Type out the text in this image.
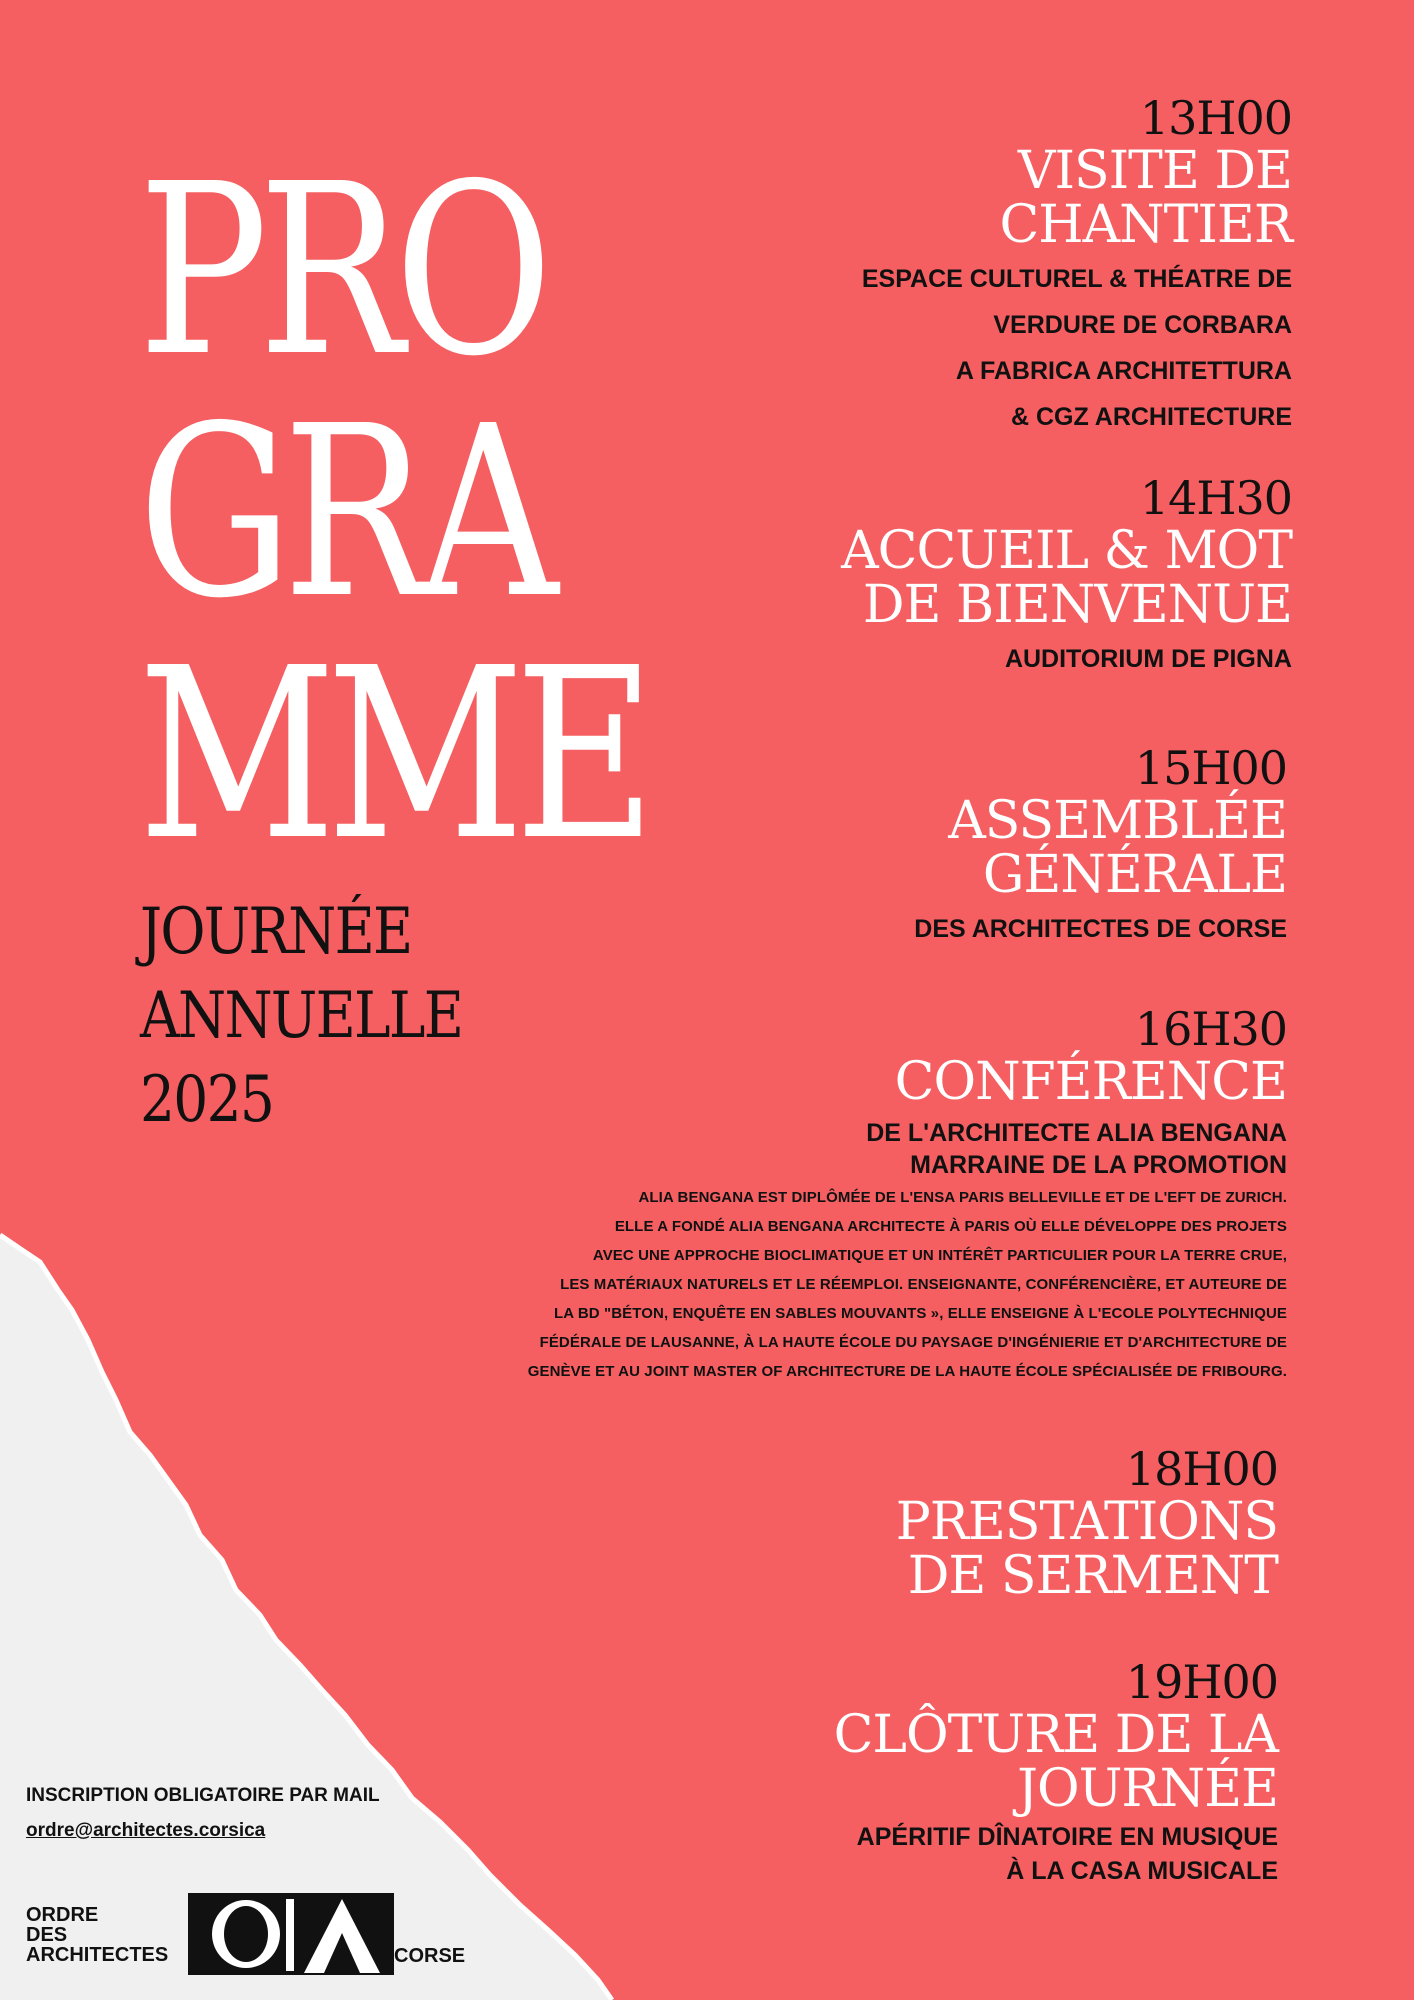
PRO
GRA
MME
JOURNÉE
ANNUELLE
2025
13H00
VISITE DE
CHANTIER
ESPACE CULTUREL & THÉATRE DE
VERDURE DE CORBARA
A FABRICA ARCHITETTURA
& CGZ ARCHITECTURE
14H30
ACCUEIL & MOT
DE BIENVENUE
AUDITORIUM DE PIGNA
15H00
ASSEMBLÉE
GÉNÉRALE
DES ARCHITECTES DE CORSE
16H30
CONFÉRENCE
DE L'ARCHITECTE ALIA BENGANA
MARRAINE DE LA PROMOTION
ALIA BENGANA EST DIPLÔMÉE DE L'ENSA PARIS BELLEVILLE ET DE L'EFT DE ZURICH.
ELLE A FONDÉ ALIA BENGANA ARCHITECTE À PARIS OÙ ELLE DÉVELOPPE DES PROJETS
AVEC UNE APPROCHE BIOCLIMATIQUE ET UN INTÉRÊT PARTICULIER POUR LA TERRE CRUE,
LES MATÉRIAUX NATURELS ET LE RÉEMPLOI. ENSEIGNANTE, CONFÉRENCIÈRE, ET AUTEURE DE
LA BD "BÉTON, ENQUÊTE EN SABLES MOUVANTS », ELLE ENSEIGNE À L'ECOLE POLYTECHNIQUE
FÉDÉRALE DE LAUSANNE, À LA HAUTE ÉCOLE DU PAYSAGE D'INGÉNIERIE ET D'ARCHITECTURE DE
GENÈVE ET AU JOINT MASTER OF ARCHITECTURE DE LA HAUTE ÉCOLE SPÉCIALISÉE DE FRIBOURG.
18H00
PRESTATIONS
DE SERMENT
19H00
CLÔTURE DE LA
JOURNÉE
APÉRITIF DÎNATOIRE EN MUSIQUE
À LA CASA MUSICALE
INSCRIPTION OBLIGATOIRE PAR MAIL
ordre@architectes.corsica
ORDRE
DES
ARCHITECTES	CORSE
